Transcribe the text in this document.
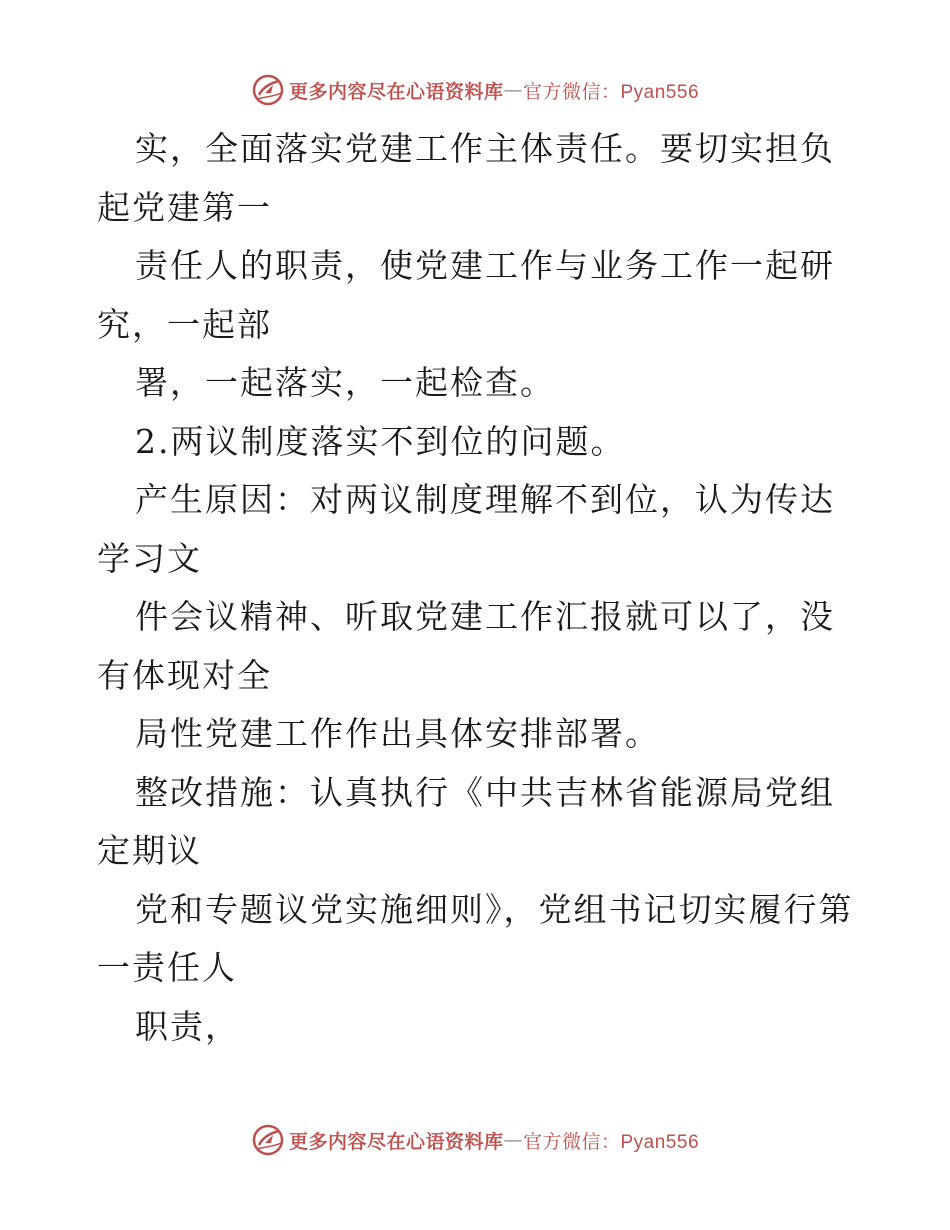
更多内容尽在心语资料库 — 官方微信：Pyan556

实，全面落实党建工作主体责任。要切实担负起党建第一

责任人的职责，使党建工作与业务工作一起研究，一起部

署，一起落实，一起检查。

2.两议制度落实不到位的问题。

产生原因：对两议制度理解不到位，认为传达学习文

件会议精神、听取党建工作汇报就可以了，没有体现对全

局性党建工作作出具体安排部署。

整改措施：认真执行《中共吉林省能源局党组定期议

党和专题议党实施细则》，党组书记切实履行第一责任人

职责，

更多内容尽在心语资料库 — 官方微信：Pyan556
